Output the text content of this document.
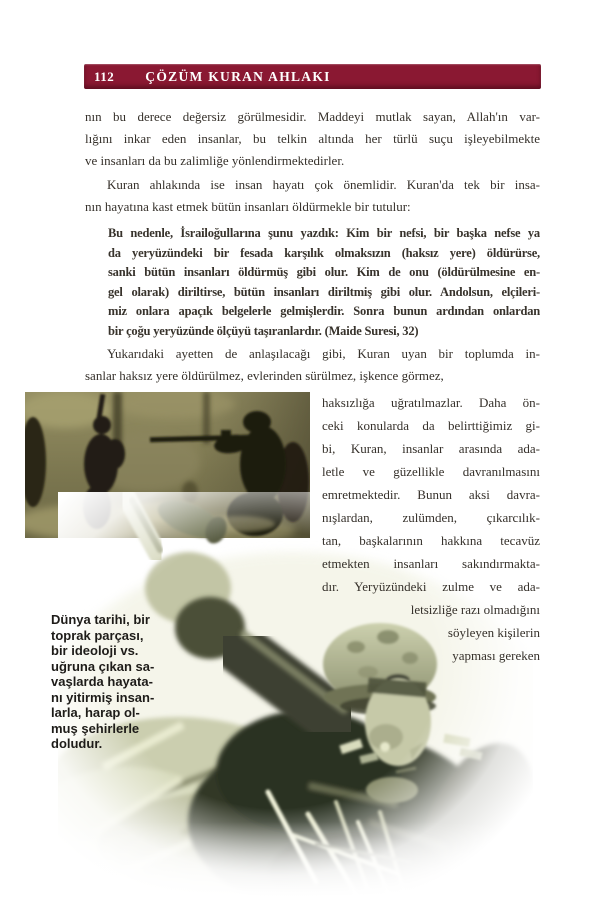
112 ÇÖZÜM KURAN AHLAKI
nın bu derece değersiz görülmesidir. Maddeyi mutlak sayan, Allah'ın var-
lığını inkar eden insanlar, bu telkin altında her türlü suçu işleyebilmekte
ve insanları da bu zalimliğe yönlendirmektedirler.
Kuran ahlakında ise insan hayatı çok önemlidir. Kuran'da tek bir insa-
nın hayatına kast etmek bütün insanları öldürmekle bir tutulur:
Bu nedenle, İsrailoğullarına şunu yazdık: Kim bir nefsi, bir başka nefse ya
da yeryüzündeki bir fesada karşılık olmaksızın (haksız yere) öldürürse,
sanki bütün insanları öldürmüş gibi olur. Kim de onu (öldürülmesine en-
gel olarak) diriltirse, bütün insanları diriltmiş gibi olur. Andolsun, elçileri-
miz onlara apaçık belgelerle gelmişlerdir. Sonra bunun ardından onlardan
bir çoğu yeryüzünde ölçüyü taşıranlardır. (Maide Suresi, 32)
Yukarıdaki ayetten de anlaşılacağı gibi, Kuran uyan bir toplumda in-
sanlar haksız yere öldürülmez, evlerinden sürülmez, işkence görmez,
haksızlığa uğratılmazlar. Daha ön-
ceki konularda da belirttiğimiz gi-
bi, Kuran, insanlar arasında ada-
letle ve güzellikle davranılmasını
emretmektedir. Bunun aksi davra-
nışlardan, zulümden, çıkarcılık-
tan, başkalarının hakkına tecavüz
etmekten insanları sakındırmakta-
dır. Yeryüzündeki zulme ve ada-
letsizliğe razı olmadığını
söyleyen kişilerin
yapması gereken
Dünya tarihi, bir
toprak parçası,
bir ideoloji vs.
uğruna çıkan sa-
vaşlarda hayata-
nı yitirmiş insan-
larla, harap ol-
muş şehirlerle
doludur.
